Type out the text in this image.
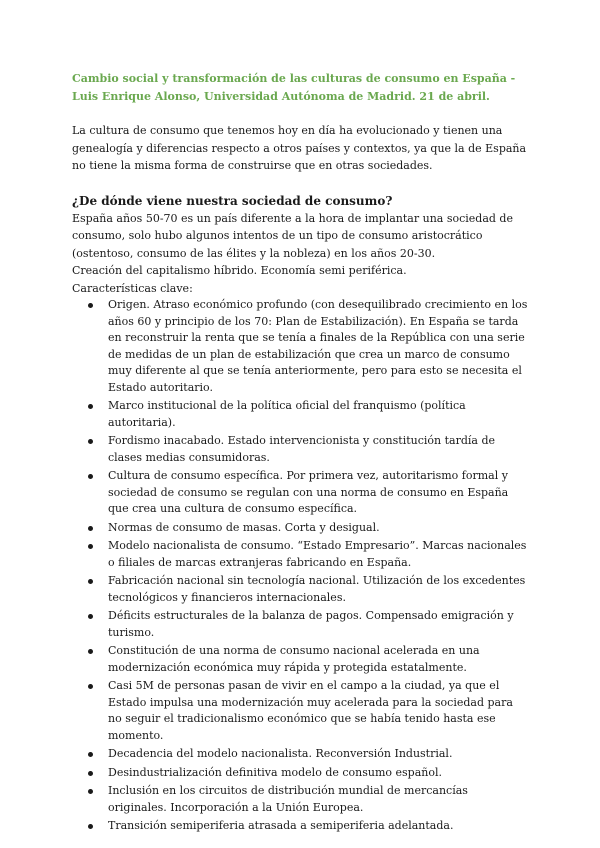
Cambio social y transformación de las culturas de consumo en España - Luis Enrique Alonso, Universidad Autónoma de Madrid. 21 de abril.

La cultura de consumo que tenemos hoy en día ha evolucionado y tienen una genealogía y diferencias respecto a otros países y contextos, ya que la de España no tiene la misma forma de construirse que en otras sociedades.

¿De dónde viene nuestra sociedad de consumo?

España años 50-70 es un país diferente a la hora de implantar una sociedad de consumo, solo hubo algunos intentos de un tipo de consumo aristocrático (ostentoso, consumo de las élites y la nobleza) en los años 20-30.

Creación del capitalismo híbrido. Economía semi periférica.

Características clave:

Origen. Atraso económico profundo (con desequilibrado crecimiento en los años 60 y principio de los 70: Plan de Estabilización). En España se tarda en reconstruir la renta que se tenía a finales de la República con una serie de medidas de un plan de estabilización que crea un marco de consumo muy diferente al que se tenía anteriormente, pero para esto se necesita el Estado autoritario.
Marco institucional de la política oficial del franquismo (política autoritaria).
Fordismo inacabado. Estado intervencionista y constitución tardía de clases medias consumidoras.
Cultura de consumo específica. Por primera vez, autoritarismo formal y sociedad de consumo se regulan con una norma de consumo en España que crea una cultura de consumo específica.
Normas de consumo de masas. Corta y desigual.
Modelo nacionalista de consumo. “Estado Empresario”. Marcas nacionales o filiales de marcas extranjeras fabricando en España.
Fabricación nacional sin tecnología nacional. Utilización de los excedentes tecnológicos y financieros internacionales.
Déficits estructurales de la balanza de pagos. Compensado emigración y turismo.
Constitución de una norma de consumo nacional acelerada en una modernización económica muy rápida y protegida estatalmente.
Casi 5M de personas pasan de vivir en el campo a la ciudad, ya que el Estado impulsa una modernización muy acelerada para la sociedad para no seguir el tradicionalismo económico que se había tenido hasta ese momento.
Decadencia del modelo nacionalista. Reconversión Industrial.
Desindustrialización definitiva modelo de consumo español.
Inclusión en los circuitos de distribución mundial de mercancías originales. Incorporación a la Unión Europea.
Transición semiperiferia atrasada a semiperiferia adelantada.
